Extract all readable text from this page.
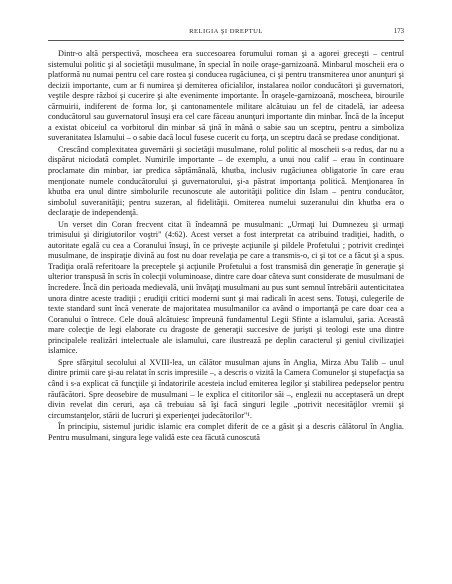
RELIGIA ŞI DREPTUL	173

Dintr-o altă perspectivă, moscheea era succesoarea forumului roman şi a agorei greceşti – centrul sistemului politic şi al societăţii musulmane, în special în noile oraşe-garnizoană. Minbarul moscheii era o platformă nu numai pentru cel care rostea şi conducea rugăciunea, ci şi pentru transmiterea unor anunţuri şi decizii importante, cum ar fi numirea şi demiterea oficialilor, instalarea noilor conducători şi guvernatori, veştile despre război şi cucerire şi alte evenimente importante. În oraşele-garnizoană, moscheea, birourile cărmuirii, indiferent de forma lor, şi cantonamentele militare alcătuiau un fel de citadelă, iar adeesa conducătorul sau guvernatorul însuşi era cel care făceau anunţuri importante din minbar. Încă de la început a existat obiceiul ca vorbitorul din minbar să ţină în mână o sabie sau un sceptru, pentru a simboliza suveranitatea Islamului – o sabie dacă locul fusese cucerit cu forţa, un sceptru dacă se predase condiţionat.

Crescând complexitatea guvernării şi societăţii musulmane, rolul politic al moscheii s-a redus, dar nu a dispărut niciodată complet. Numirile importante – de exemplu, a unui nou calif – erau în continuare proclamate din minbar, iar predica săptămânală, khutba, inclusiv rugăciunea obligatorie în care erau menţionate numele conducătorului şi guvernatorului, şi-a păstrat importanţa politică. Menţionarea în khutba era unul dintre simbolurile recunoscute ale autorităţii politice din Islam – pentru conducător, simbolul suveranităţii; pentru suzeran, al fidelităţii. Omiterea numelui suzeranului din khutba era o declaraţie de independenţă.

Un verset din Coran frecvent citat îi îndeamnă pe musulmani: „Urmaţi lui Dumnezeu şi urmaţi trimisului şi dirigiutorilor voştri" (4:62). Acest verset a fost interpretat ca atribuind tradiţiei, hadith, o autoritate egală cu cea a Coranului însuşi, în ce priveşte acţiunile şi pildele Profetului ; potrivit credinţei musulmane, de inspiraţie divină au fost nu doar revelaţia pe care a transmis-o, ci şi tot ce a făcut şi a spus. Tradiţia orală referitoare la preceptele şi acţiunile Profetului a fost transmisă din generaţie în generaţie şi ulterior transpusă în scris în colecţii voluminoase, dintre care doar câteva sunt considerate de musulmani de încredere. Încă din perioada medievală, unii învăţaţi musulmani au pus sunt semnul întrebării autenticitatea unora dintre aceste tradiţii ; erudiţii critici moderni sunt şi mai radicali în acest sens. Totuşi, culegerile de texte standard sunt încă venerate de majoritatea musulmanilor ca având o importanţă pe care doar cea a Coranului o întrece. Cele două alcătuiesc împreună fundamentul Legii Sfinte a islamului, şaria. Această mare colecţie de legi elaborate cu dragoste de generaţii succesive de jurişti şi teologi este una dintre principalele realizări intelectuale ale islamului, care ilustrează pe deplin caracterul şi geniul civilizaţiei islamice.

Spre sfârşitul secolului al XVIII-lea, un călător musulman ajuns în Anglia, Mirza Abu Talib – unul dintre primii care şi-au relatat în scris impresiile –, a descris o vizită la Camera Comunelor şi stupefacţia sa când i s-a explicat că funcţiile şi îndatoririle acesteia includ emiterea legilor şi stabilirea pedepselor pentru răufăcători. Spre deosebire de musulmani – le explica el cititorilor săi –, englezii nu acceptaseră un drept divin revelat din ceruri, aşa că trebuiau să îşi facă singuri legile „potrivit necesităţilor vremii şi circumstanţelor, stării de lucruri şi experienţei judecătorilor"¹.

În principiu, sistemul juridic islamic era complet diferit de ce a găsit şi a descris călătorul în Anglia. Pentru musulmani, singura lege validă este cea făcută cunoscută
